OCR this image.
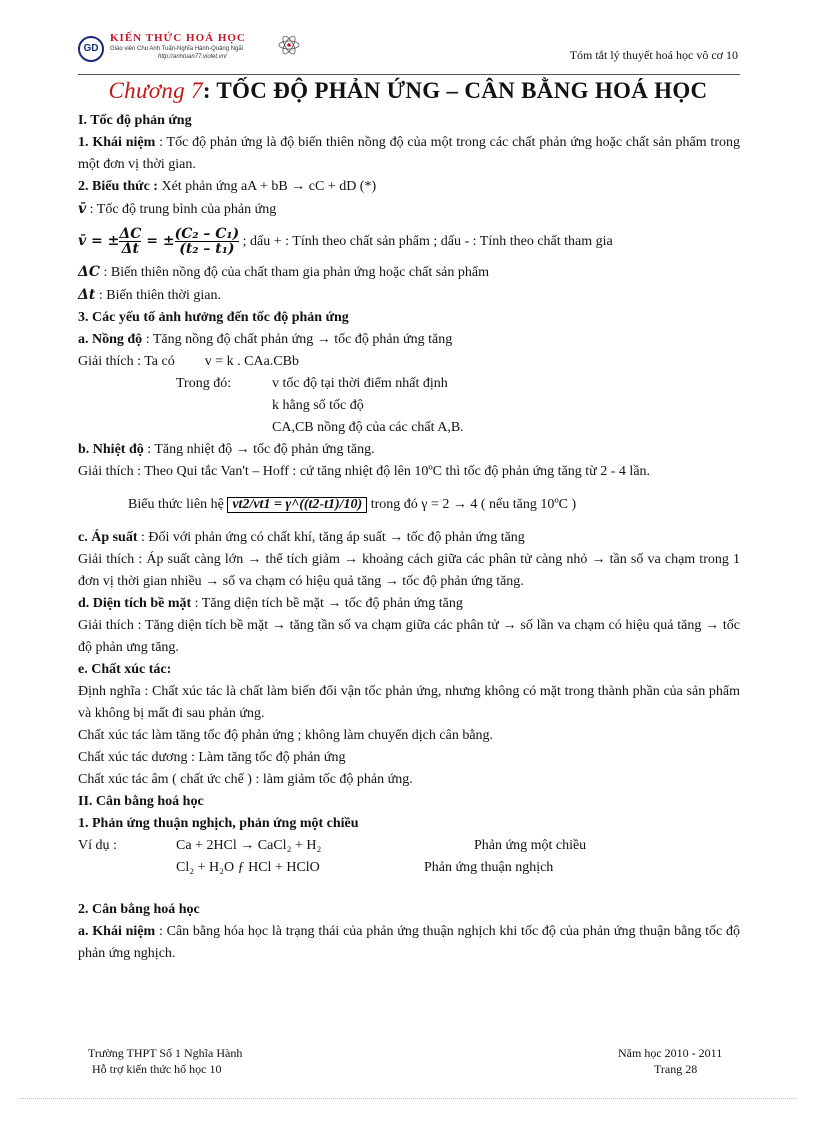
GD
KIẾN THỨC HOÁ HỌC
Giáo viên Chu Anh Tuấn-Nghĩa Hành-Quảng Ngãi
http://anhtuan77.violet.vn/	Tóm tắt lý thuyết hoá học vô cơ 10
Chương 7: TỐC ĐỘ PHẢN ỨNG – CÂN BẰNG HOÁ HỌC
I. Tốc độ phản ứng
1. Khái niệm : Tốc độ phản ứng là độ biến thiên nồng độ của một trong các chất phản ứng hoặc chất sản phẩm trong một đơn vị thời gian.
2. Biểu thức : Xét phản ứng aA + bB → cC + dD (*)
v̄ : Tốc độ trung bình của phản ứng
v̄ = ± $\frac{\Delta C}{\Delta t}$ = ± $\frac{\text{(C₂ – C₁)}}{\text{(t₂ – t₁)}}$ ; dấu + : Tính theo chất sản phẩm ; dấu - : Tính theo chất tham gia
ΔC : Biến thiên nồng độ của chất tham gia phản ứng hoặc chất sản phẩm
Δt : Biến thiên thời gian.
3. Các yếu tố ảnh hưởng đến tốc độ phản ứng
a. Nồng độ : Tăng nồng độ chất phản ứng → tốc độ phản ứng tăng
Giải thích : Ta có v = k . CAa.CBb
Trong đó:	v tốc độ tại thời điểm nhất định
k hằng số tốc độ
CA,CB nồng độ của các chất A,B.
b. Nhiệt độ : Tăng nhiệt độ → tốc độ phản ứng tăng.
Giải thích : Theo Qui tắc Van't – Hoff : cứ tăng nhiệt độ lên 10ºC thì tốc độ phản ứng tăng từ 2 - 4 lần.
Biểu thức liên hệ vt2/vt1 = γ^((t2-t1)/10) trong đó γ = 2 → 4 ( nếu tăng 10ºC )
c. Áp suất : Đối với phản ứng có chất khí, tăng áp suất → tốc độ phản ứng tăng
Giải thích : Áp suất càng lớn → thể tích giảm → khoảng cách giữa các phân tử càng nhỏ → tần số va chạm trong 1 đơn vị thời gian nhiều → số va chạm có hiệu quả tăng → tốc độ phản ứng tăng.
d. Diện tích bề mặt : Tăng diện tích bề mặt → tốc độ phản ứng tăng
Giải thích : Tăng diện tích bề mặt → tăng tần số va chạm giữa các phân tử → số lần va chạm có hiệu quả tăng → tốc độ phản ưng tăng.
e. Chất xúc tác:
Định nghĩa : Chất xúc tác là chất làm biến đổi vận tốc phản ứng, nhưng không có mặt trong thành phần của sản phẩm và không bị mất đi sau phản ứng.
Chất xúc tác làm tăng tốc độ phản ứng ; không làm chuyển dịch cân bằng.
Chất xúc tác dương : Làm tăng tốc độ phản ứng
Chất xúc tác âm ( chất ức chế ) : làm giảm tốc độ phản ứng.
II. Cân bằng hoá học
1. Phản ứng thuận nghịch, phản ứng một chiều
Ví dụ :	Ca + 2HCl → CaCl₂ + H₂	Phản ứng một chiều
Cl₂ + H₂O ƒ HCl + HClO	Phản ứng thuận nghịch
2. Cân bằng hoá học
a. Khái niệm : Cân bằng hóa học là trạng thái của phản ứng thuận nghịch khi tốc độ của phản ứng thuận bằng tốc độ phản ứng nghịch.
Trường THPT Số 1 Nghĩa Hành
Hỗ trợ kiến thức hố học 10
Năm học 2010 - 2011
Trang 28
